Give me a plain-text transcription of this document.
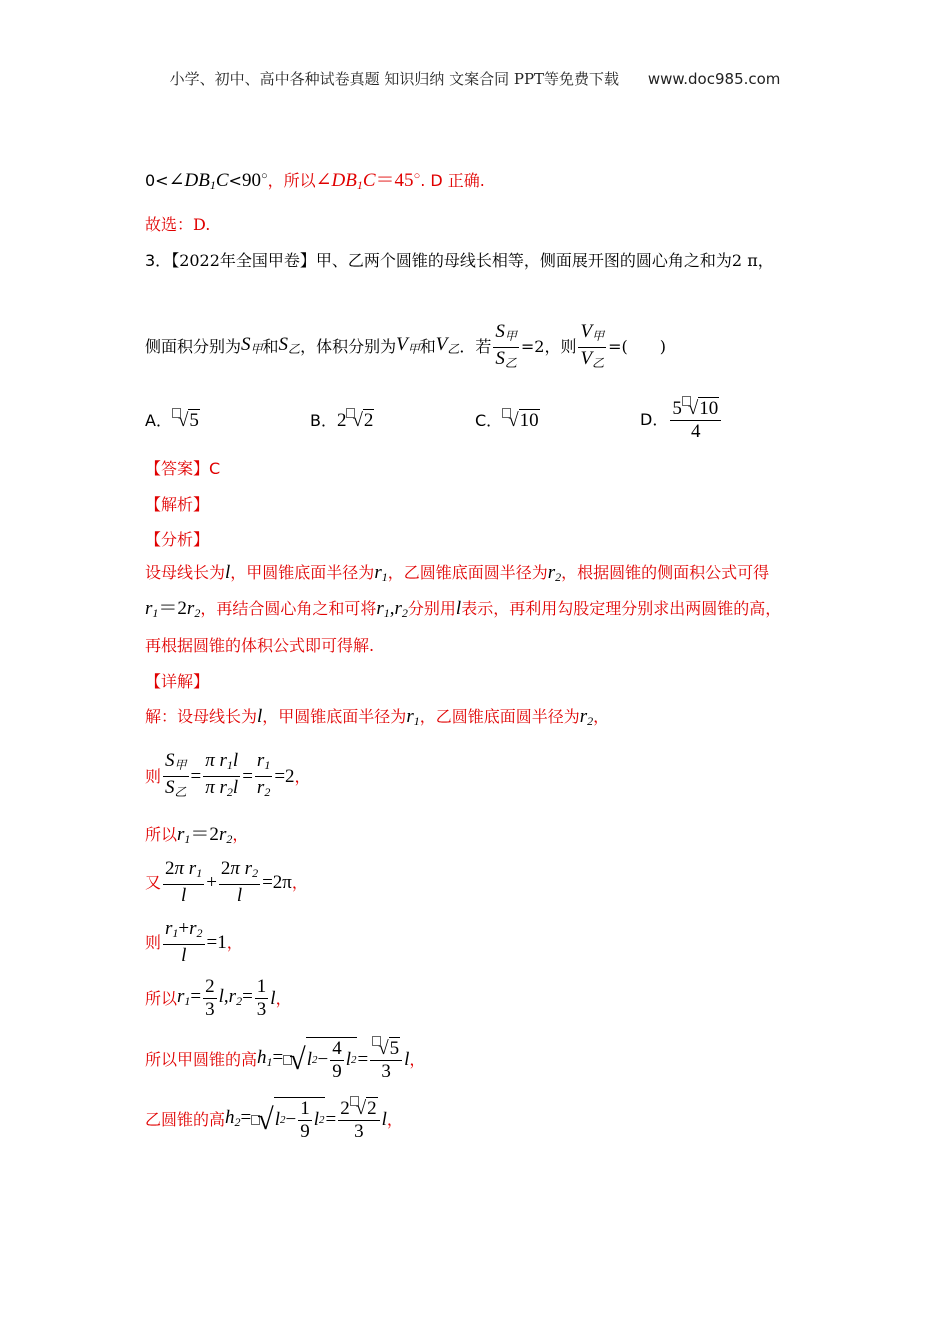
小学、初中、高中各种试卷真题 知识归纳 文案合同 PPT等免费下载 www.doc985.com
$0<\angle DB_1C<90^○$，所以$\angle DB_1C=45^○$. D 正确.
故选：D.
3．【2022年全国甲卷】甲、乙两个圆锥的母线长相等，侧面展开图的圆心角之和为2 π，
侧面积分别为 $S_甲$ 和 $S_乙$ ，体积分别为 $V_甲$ 和 $V_乙$ ．若 $\frac{S_甲}{S_乙} =2$，则 $\frac{V_甲}{V_乙}$ =(　　)
A． √5	B．2 √2	C． √10	D． $\frac{5 √10}{4}$
【答案】C
【解析】
【分析】
设母线长为l，甲圆锥底面半径为$r_1$，乙圆锥底面圆半径为$r_2$，根据圆锥的侧面积公式可得
$r_1=2r_2$，再结合圆心角之和可将$r_1,r_2$分别用l表示，再利用勾股定理分别求出两圆锥的高，
再根据圆锥的体积公式即可得解.
【详解】
解：设母线长为l，甲圆锥底面半径为$r_1$，乙圆锥底面圆半径为$r_2$，
则 $\frac{S_甲}{S_乙} = \frac{\pi r_1l}{\pi r_2l} = \frac{r_1}{r_2} =2$ ，
所以$r_1=2r_2$，
又 $\frac{2\pi r_1}{l} + \frac{2\pi r_2}{l} =2\pi$ ，
则 $\frac{r_1+r_2}{l} =1$ ，
所以 $r_1= \frac{2}{3} l,r_2= \frac{1}{3}$ l ，
所以甲圆锥的高 $h_1=$ √ l $2 - \frac{4}{9}$ l $2 = \frac{√5}{3}$ l ，
乙圆锥的高 $h_2=$ √ l $2 - \frac{1}{9}$ l $2 = \frac{2 √2}{3}$ l ，
